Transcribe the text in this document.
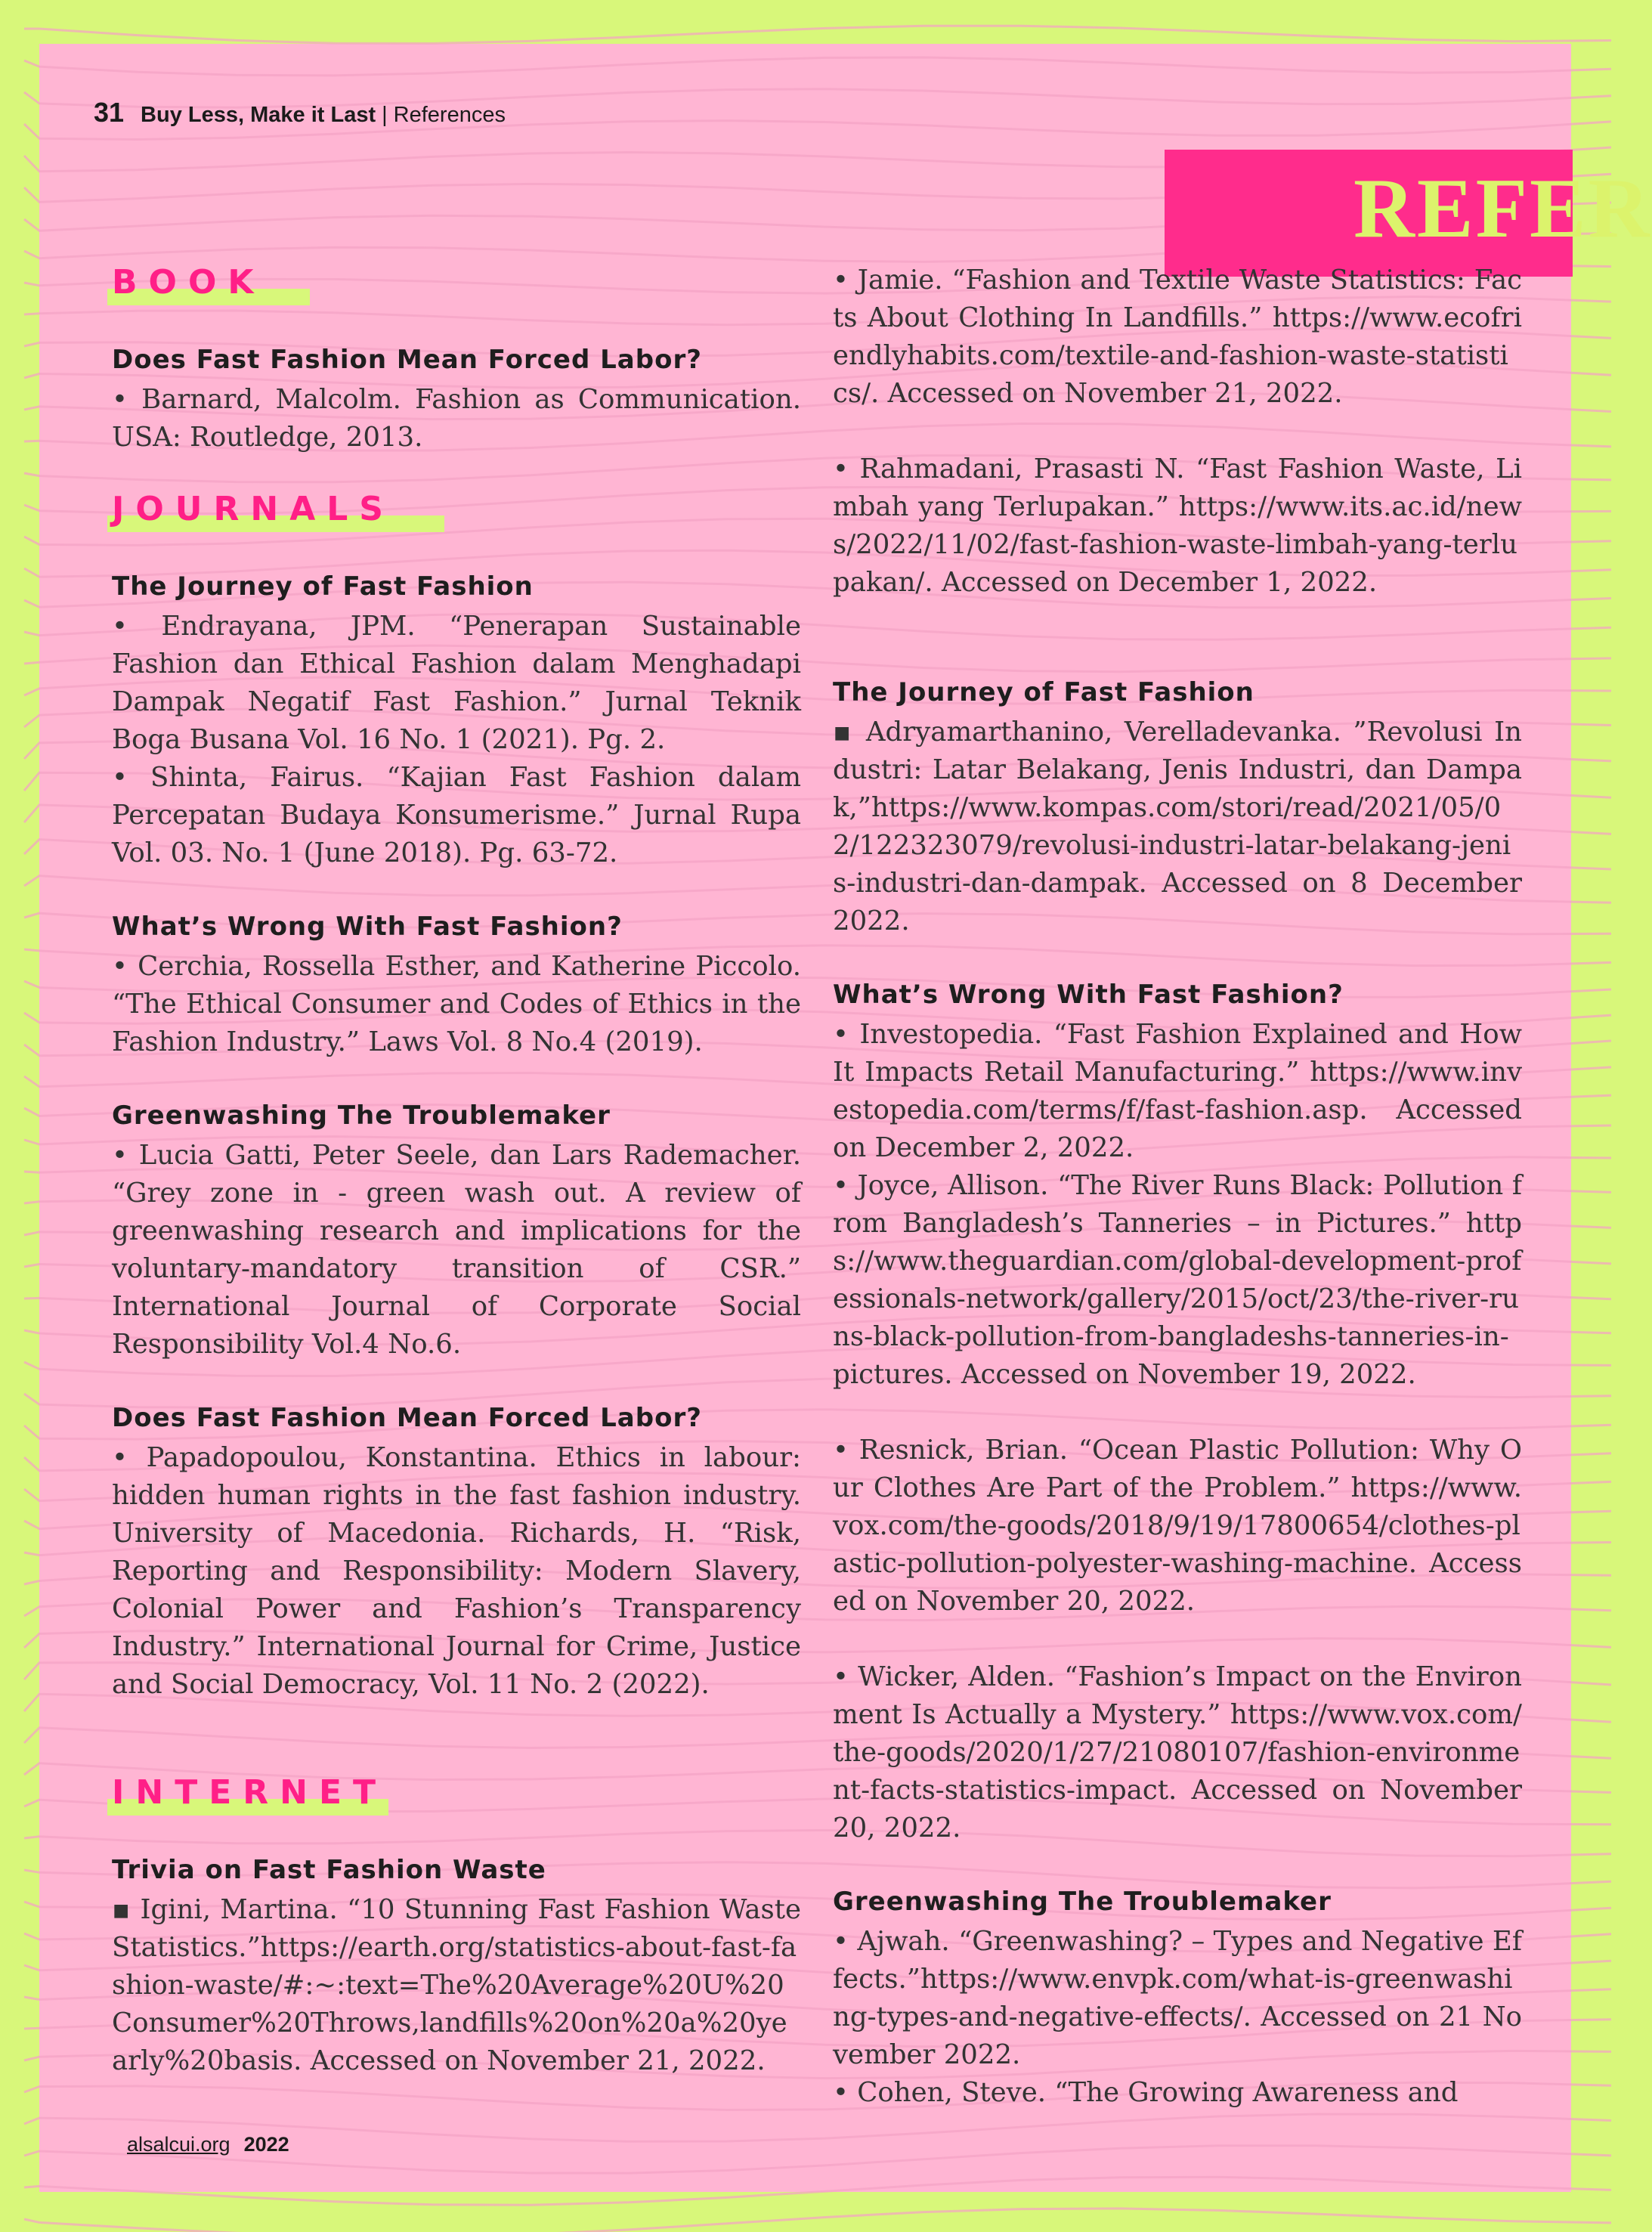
31 Buy Less, Make it Last | References
REFER
BOOK
Does Fast Fashion Mean Forced Labor?

• Barnard, Malcolm. Fashion as Communication. USA: Routledge, 2013.

JOURNALS
The Journey of Fast Fashion

• Endrayana, JPM. “Penerapan Sustainable Fashion dan Ethical Fashion dalam Menghadapi Dampak Negatif Fast Fashion.” Jurnal Teknik Boga Busana Vol. 16 No. 1 (2021). Pg. 2.

• Shinta, Fairus. “Kajian Fast Fashion dalam Percepatan Budaya Konsumerisme.” Jurnal Rupa Vol. 03. No. 1 (June 2018). Pg. 63-72.

What’s Wrong With Fast Fashion?

• Cerchia, Rossella Esther, and Katherine Piccolo. “The Ethical Consumer and Codes of Ethics in the Fashion Industry.” Laws Vol. 8 No.4 (2019).

Greenwashing The Troublemaker

• Lucia Gatti, Peter Seele, dan Lars Rademacher. “Grey zone in - green wash out. A review of greenwashing research and implications for the voluntary-mandatory transition of CSR.” International Journal of Corporate Social Responsibility Vol.4 No.6.

Does Fast Fashion Mean Forced Labor?

• Papadopoulou, Konstantina. Ethics in labour: hidden human rights in the fast fashion industry. University of Macedonia. Richards, H. “Risk, Reporting and Responsibility: Modern Slavery, Colonial Power and Fashion’s Transparency Industry.” International Journal for Crime, Justice and Social Democracy, Vol. 11 No. 2 (2022).

INTERNET
Trivia on Fast Fashion Waste

▪ Igini, Martina. “10 Stunning Fast Fashion Waste Statistics.”https://earth.org/statistics-about-fast-fashion-waste/#:~:text=The%20Average%20U%20Consumer%20Throws,landfills%20on%20a%20yearly%20basis. Accessed on November 21, 2022.

• Jamie. “Fashion and Textile Waste Statistics: Facts About Clothing In Landfills.” https://www.ecofriendlyhabits.com/textile-and-fashion-waste-statistics/. Accessed on November 21, 2022.

• Rahmadani, Prasasti N. “Fast Fashion Waste, Limbah yang Terlupakan.” https://www.its.ac.id/news/2022/11/02/fast-fashion-waste-limbah-yang-terlupakan/. Accessed on December 1, 2022.

The Journey of Fast Fashion

▪ Adryamarthanino, Verelladevanka. ”Revolusi Industri: Latar Belakang, Jenis Industri, dan Dampak,”https://www.kompas.com/stori/read/2021/05/02/122323079/revolusi-industri-latar-belakang-jenis-industri-dan-dampak. Accessed on 8 December 2022.

What’s Wrong With Fast Fashion?

• Investopedia. “Fast Fashion Explained and How It Impacts Retail Manufacturing.” https://www.investopedia.com/terms/f/fast-fashion.asp. Accessed on December 2, 2022.

• Joyce, Allison. “The River Runs Black: Pollution from Bangladesh’s Tanneries – in Pictures.” https://www.theguardian.com/global-development-professionals-network/gallery/2015/oct/23/the-river-runs-black-pollution-from-bangladeshs-tanneries-in-pictures. Accessed on November 19, 2022.

• Resnick, Brian. “Ocean Plastic Pollution: Why Our Clothes Are Part of the Problem.” https://www.vox.com/the-goods/2018/9/19/17800654/clothes-plastic-pollution-polyester-washing-machine. Accessed on November 20, 2022.

• Wicker, Alden. “Fashion’s Impact on the Environment Is Actually a Mystery.” https://www.vox.com/the-goods/2020/1/27/21080107/fashion-environment-facts-statistics-impact. Accessed on November 20, 2022.

Greenwashing The Troublemaker

• Ajwah. “Greenwashing? – Types and Negative Effects.”https://www.envpk.com/what-is-greenwashing-types-and-negative-effects/. Accessed on 21 November 2022.

• Cohen, Steve. “The Growing Awareness and

alsalcui.org 2022
